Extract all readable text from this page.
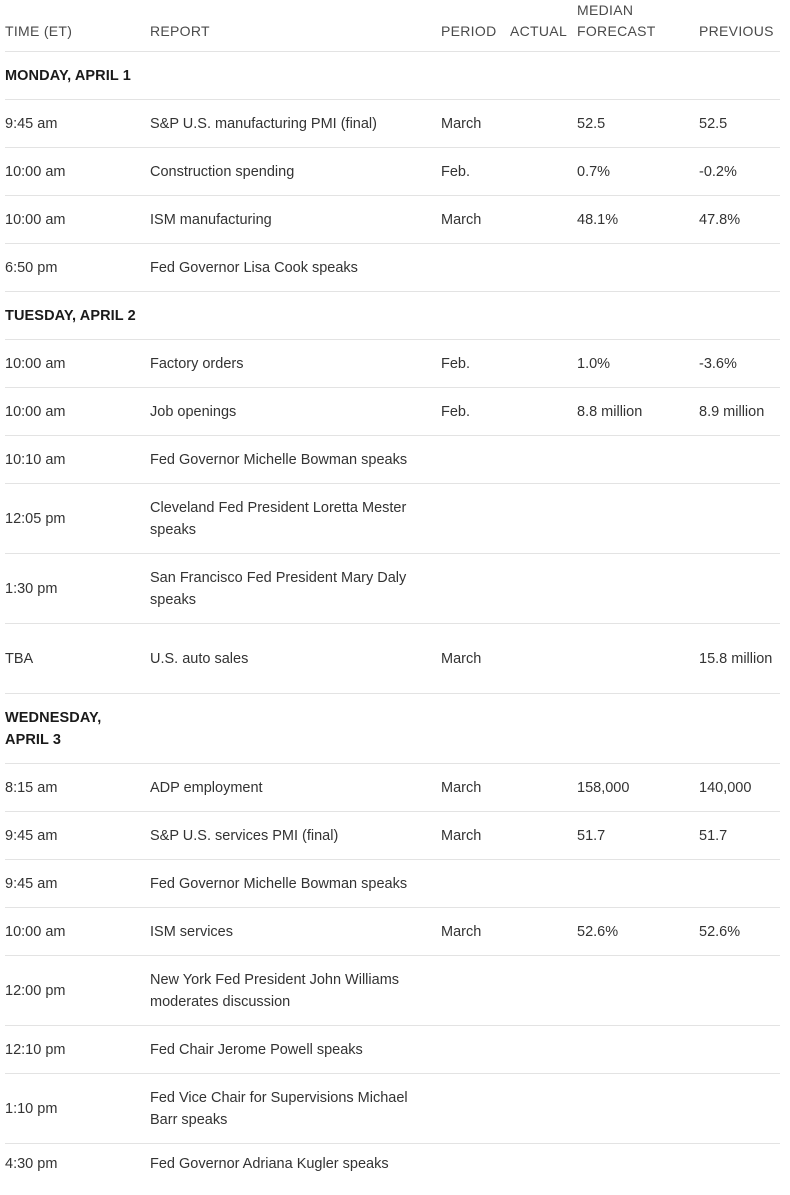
TIME (ET)	REPORT	PERIOD	ACTUAL	MEDIAN FORECAST	PREVIOUS
MONDAY, APRIL 1					
9:45 am	S&P U.S. manufacturing PMI (final)	March		52.5	52.5
10:00 am	Construction spending	Feb.		0.7%	-0.2%
10:00 am	ISM manufacturing	March		48.1%	47.8%
6:50 pm	Fed Governor Lisa Cook speaks				
TUESDAY, APRIL 2					
10:00 am	Factory orders	Feb.		1.0%	-3.6%
10:00 am	Job openings	Feb.		8.8 million	8.9 million
10:10 am	Fed Governor Michelle Bowman speaks				
12:05 pm	Cleveland Fed President Loretta Mester speaks				
1:30 pm	San Francisco Fed President Mary Daly speaks				
TBA	U.S. auto sales	March			15.8 million
WEDNESDAY, APRIL 3					
8:15 am	ADP employment	March		158,000	140,000
9:45 am	S&P U.S. services PMI (final)	March		51.7	51.7
9:45 am	Fed Governor Michelle Bowman speaks				
10:00 am	ISM services	March		52.6%	52.6%
12:00 pm	New York Fed President John Williams moderates discussion				
12:10 pm	Fed Chair Jerome Powell speaks				
1:10 pm	Fed Vice Chair for Supervisions Michael Barr speaks				
4:30 pm	Fed Governor Adriana Kugler speaks				
